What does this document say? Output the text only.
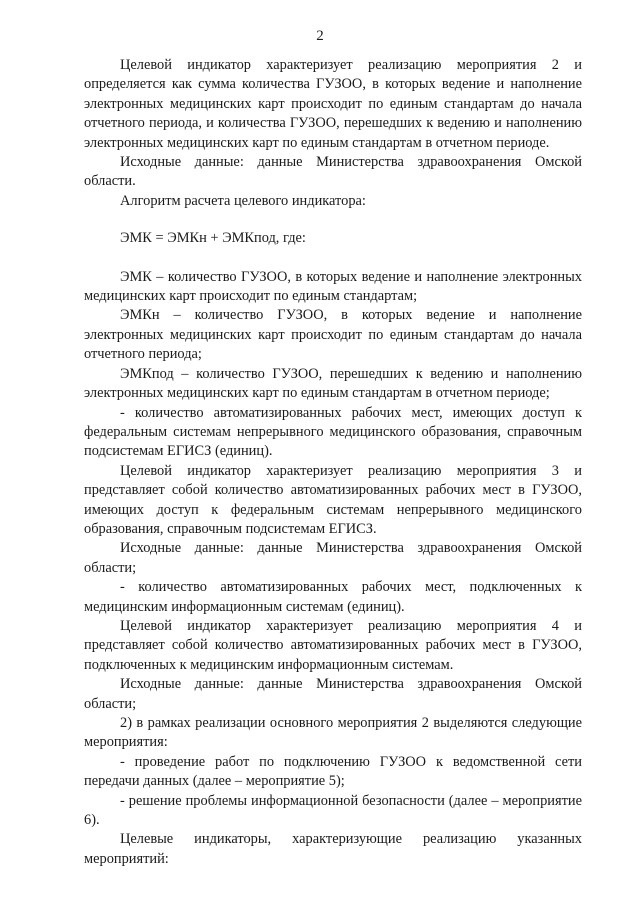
2

Целевой индикатор характеризует реализацию мероприятия 2 и определяется как сумма количества ГУЗОО, в которых ведение и наполнение электронных медицинских карт происходит по единым стандартам до начала отчетного периода, и количества ГУЗОО, перешедших к ведению и наполнению электронных медицинских карт по единым стандартам в отчетном периоде.

Исходные данные: данные Министерства здравоохранения Омской области.

Алгоритм расчета целевого индикатора:

ЭМК = ЭМКн + ЭМКпод, где:

ЭМК – количество ГУЗОО, в которых ведение и наполнение электронных медицинских карт происходит по единым стандартам;

ЭМКн – количество ГУЗОО, в которых ведение и наполнение электронных медицинских карт происходит по единым стандартам до начала отчетного периода;

ЭМКпод – количество ГУЗОО, перешедших к ведению и наполнению электронных медицинских карт по единым стандартам в отчетном периоде;

- количество автоматизированных рабочих мест, имеющих доступ к федеральным системам непрерывного медицинского образования, справочным подсистемам ЕГИСЗ (единиц).

Целевой индикатор характеризует реализацию мероприятия 3 и представляет собой количество автоматизированных рабочих мест в ГУЗОО, имеющих доступ к федеральным системам непрерывного медицинского образования, справочным подсистемам ЕГИСЗ.

Исходные данные: данные Министерства здравоохранения Омской области;

- количество автоматизированных рабочих мест, подключенных к медицинским информационным системам (единиц).

Целевой индикатор характеризует реализацию мероприятия 4 и представляет собой количество автоматизированных рабочих мест в ГУЗОО, подключенных к медицинским информационным системам.

Исходные данные: данные Министерства здравоохранения Омской области;

2) в рамках реализации основного мероприятия 2 выделяются следующие мероприятия:

- проведение работ по подключению ГУЗОО к ведомственной сети передачи данных (далее – мероприятие 5);

- решение проблемы информационной безопасности (далее – мероприятие 6).

Целевые индикаторы, характеризующие реализацию указанных мероприятий:
